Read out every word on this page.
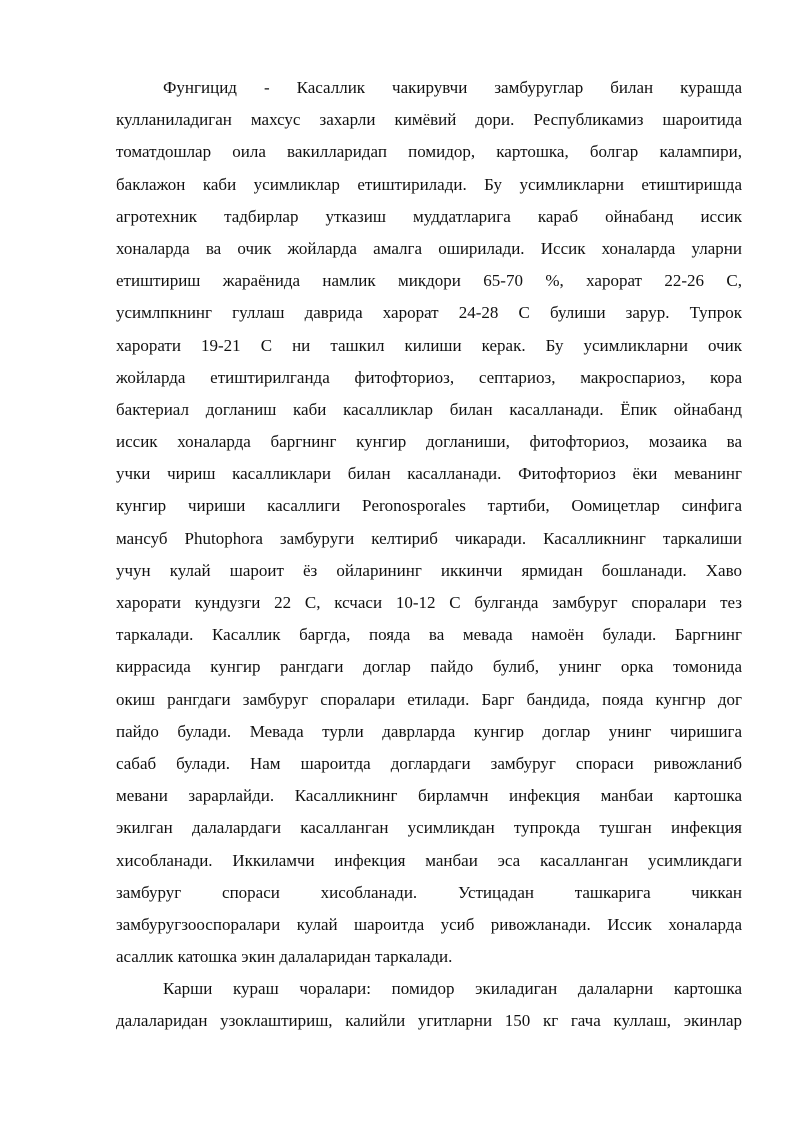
Фунгицид - Касаллик чакирувчи замбуруглар билан курашда
кулланиладиган махсус захарли кимёвий дори. Республикамиз шароитида
томатдошлар оила вакилларидап помидор, картошка, болгар калампири,
баклажон каби усимликлар етиштирилади. Бу усимликларни етиштиришда
агротехник тадбирлар утказиш муддатларига караб ойнабанд иссик
хоналарда ва очик жойларда амалга оширилади. Иссик хоналарда уларни
етиштириш жараёнида намлик микдори 65-70 %, харорат 22-26 С,
усимлпкнинг гуллаш даврида харорат 24-28 С булиши зарур. Тупрок
харорати 19-21 С ни ташкил килиши керак. Бу усимликларни очик
жойларда етиштирилганда фитофториоз, септариоз, макроспариоз, кора
бактериал догланиш каби касалликлар билан касалланади. Ёпик ойнабанд
иссик хоналарда баргнинг кунгир догланиши, фитофториоз, мозаика ва
учки чириш касалликлари билан касалланади. Фитофториоз ёки меванинг
кунгир чириши касаллиги Peronosporales тартиби, Оомицетлар синфига
мансуб Phutophora замбуруги келтириб чикаради. Касалликнинг таркалиши
учун кулай шароит ёз ойларининг иккинчи ярмидан бошланади. Хаво
харорати кундузги 22 С, ксчаси 10-12 С булганда замбуруг споралари тез
таркалади. Касаллик баргда, пояда ва мевада намоён булади. Баргнинг
киррасида кунгир рангдаги доглар пайдо булиб, унинг орка томонида
окиш рангдаги замбуруг споралари етилади. Барг бандида, пояда кунгнр дог
пайдо булади. Мевада турли даврларда кунгир доглар унинг чиришига
сабаб булади. Нам шароитда доглардаги замбуруг спораси ривожланиб
мевани зарарлайди. Касалликнинг бирламчн инфекция манбаи картошка
экилган далалардаги касалланган усимликдан тупрокда тушган инфекция
хисобланади. Иккиламчи инфекция манбаи эса касалланган усимликдаги
замбуруг спораси хисобланади. Устицадан ташкарига чиккан
замбуругзооспоралари кулай шароитда усиб ривожланади. Иссик хоналарда
асаллик катошка экин далаларидан таркалади.
Карши кураш чоралари: помидор экиладиган далаларни картошка
далаларидан узоклаштириш, калийли угитларни 150 кг гача куллаш, экинлар
